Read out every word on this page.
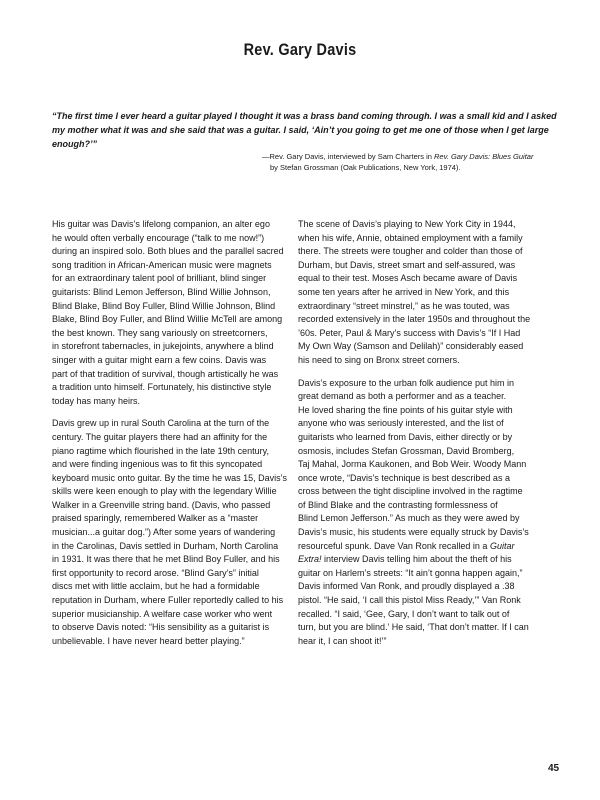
Rev. Gary Davis
“The first time I ever heard a guitar played I thought it was a brass band coming through. I was a small kid and I asked my mother what it was and she said that was a guitar. I said, ‘Ain’t you going to get me one of those when I get large enough?’”
—Rev. Gary Davis, interviewed by Sam Charters in Rev. Gary Davis: Blues Guitar
by Stefan Grossman (Oak Publications, New York, 1974).
His guitar was Davis’s lifelong companion, an alter ego
he would often verbally encourage (“talk to me now!”)
during an inspired solo. Both blues and the parallel sacred
song tradition in African-American music were magnets
for an extraordinary talent pool of brilliant, blind singer
guitarists: Blind Lemon Jefferson, Blind Willie Johnson,
Blind Blake, Blind Boy Fuller, Blind Willie Johnson, Blind
Blake, Blind Boy Fuller, and Blind Willie McTell are among
the best known. They sang variously on streetcorners,
in storefront tabernacles, in jukejoints, anywhere a blind
singer with a guitar might earn a few coins. Davis was
part of that tradition of survival, though artistically he was
a tradition unto himself. Fortunately, his distinctive style
today has many heirs.
Davis grew up in rural South Carolina at the turn of the
century. The guitar players there had an affinity for the
piano ragtime which flourished in the late 19th century,
and were finding ingenious was to fit this syncopated
keyboard music onto guitar. By the time he was 15, Davis’s
skills were keen enough to play with the legendary Willie
Walker in a Greenville string band. (Davis, who passed
praised sparingly, remembered Walker as a “master
musician...a guitar dog.”) After some years of wandering
in the Carolinas, Davis settled in Durham, North Carolina
in 1931. It was there that he met Blind Boy Fuller, and his
first opportunity to record arose. “Blind Gary’s” initial
discs met with little acclaim, but he had a formidable
reputation in Durham, where Fuller reportedly called to his
superior musicianship. A welfare case worker who went
to observe Davis noted: “His sensibility as a guitarist is
unbelievable. I have never heard better playing.”
The scene of Davis’s playing to New York City in 1944,
when his wife, Annie, obtained employment with a family
there. The streets were tougher and colder than those of
Durham, but Davis, street smart and self-assured, was
equal to their test. Moses Asch became aware of Davis
some ten years after he arrived in New York, and this
extraordinary “street minstrel,” as he was touted, was
recorded extensively in the later 1950s and throughout the
’60s. Peter, Paul & Mary’s success with Davis’s “If I Had
My Own Way (Samson and Delilah)” considerably eased
his need to sing on Bronx street corners.
Davis’s exposure to the urban folk audience put him in
great demand as both a performer and as a teacher.
He loved sharing the fine points of his guitar style with
anyone who was seriously interested, and the list of
guitarists who learned from Davis, either directly or by
osmosis, includes Stefan Grossman, David Bromberg,
Taj Mahal, Jorma Kaukonen, and Bob Weir. Woody Mann
once wrote, “Davis’s technique is best described as a
cross between the tight discipline involved in the ragtime
of Blind Blake and the contrasting formlessness of
Blind Lemon Jefferson.” As much as they were awed by
Davis’s music, his students were equally struck by Davis’s
resourceful spunk. Dave Van Ronk recalled in a Guitar
Extra! interview Davis telling him about the theft of his
guitar on Harlem’s streets: “It ain’t gonna happen again,”
Davis informed Van Ronk, and proudly displayed a .38
pistol. “He said, ‘I call this pistol Miss Ready,’” Van Ronk
recalled. “I said, ‘Gee, Gary, I don’t want to talk out of
turn, but you are blind.’ He said, ‘That don’t matter. If I can
hear it, I can shoot it!’”
45
